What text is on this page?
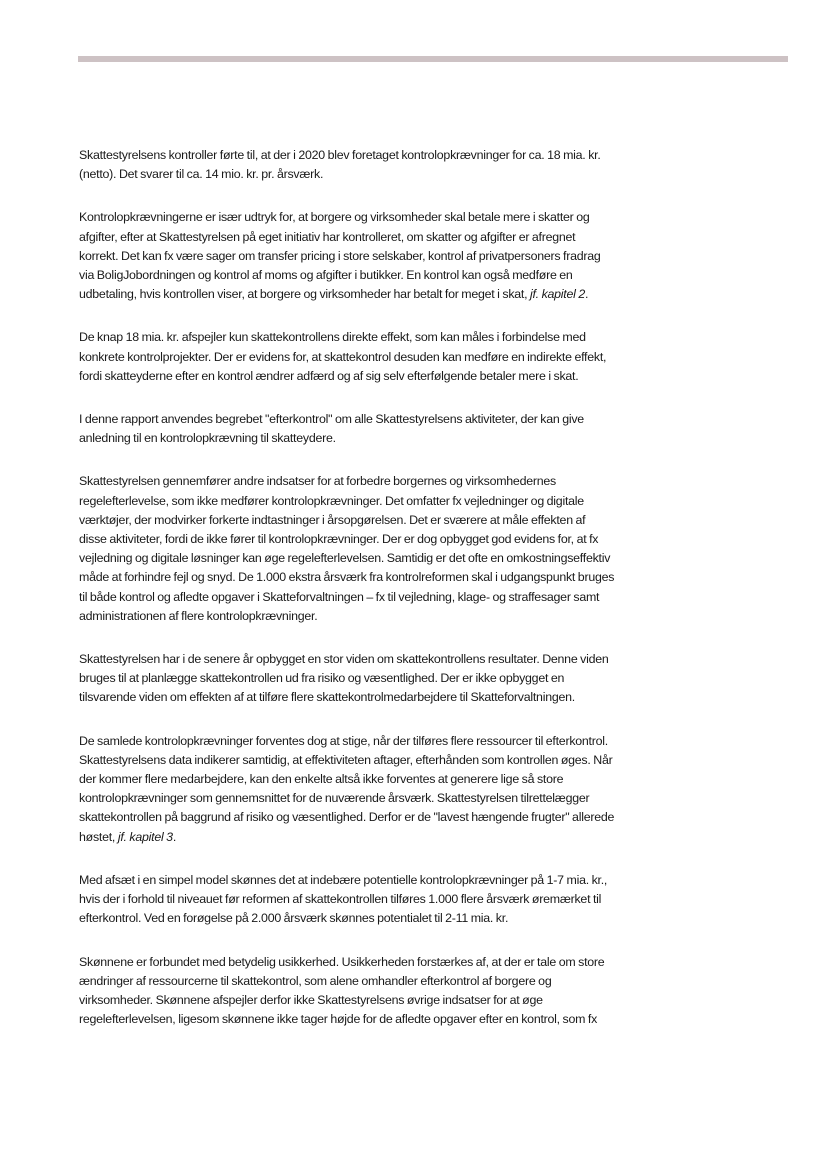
Skattestyrelsens kontroller førte til, at der i 2020 blev foretaget kontrolopkrævninger for ca. 18 mia. kr. (netto). Det svarer til ca. 14 mio. kr. pr. årsværk.

Kontrolopkrævningerne er især udtryk for, at borgere og virksomheder skal betale mere i skatter og afgifter, efter at Skattestyrelsen på eget initiativ har kontrolleret, om skatter og afgifter er afregnet korrekt. Det kan fx være sager om transfer pricing i store selskaber, kontrol af privatpersoners fradrag via BoligJobordningen og kontrol af moms og afgifter i butikker. En kontrol kan også medføre en udbetaling, hvis kontrollen viser, at borgere og virksomheder har betalt for meget i skat, jf. kapitel 2.

De knap 18 mia. kr. afspejler kun skattekontrollens direkte effekt, som kan måles i forbindelse med konkrete kontrolprojekter. Der er evidens for, at skattekontrol desuden kan medføre en indirekte effekt, fordi skatteyderne efter en kontrol ændrer adfærd og af sig selv efterfølgende betaler mere i skat.

I denne rapport anvendes begrebet "efterkontrol" om alle Skattestyrelsens aktiviteter, der kan give anledning til en kontrolopkrævning til skatteydere.

Skattestyrelsen gennemfører andre indsatser for at forbedre borgernes og virksomhedernes regelefterlevelse, som ikke medfører kontrolopkrævninger. Det omfatter fx vejledninger og digitale værktøjer, der modvirker forkerte indtastninger i årsopgørelsen. Det er sværere at måle effekten af disse aktiviteter, fordi de ikke fører til kontrolopkrævninger. Der er dog opbygget god evidens for, at fx vejledning og digitale løsninger kan øge regelefterlevelsen. Samtidig er det ofte en omkostningseffektiv måde at forhindre fejl og snyd. De 1.000 ekstra årsværk fra kontrolreformen skal i udgangspunkt bruges til både kontrol og afledte opgaver i Skatteforvaltningen – fx til vejledning, klage- og straffesager samt administrationen af flere kontrolopkrævninger.

Skattestyrelsen har i de senere år opbygget en stor viden om skattekontrollens resultater. Denne viden bruges til at planlægge skattekontrollen ud fra risiko og væsentlighed. Der er ikke opbygget en tilsvarende viden om effekten af at tilføre flere skattekontrolmedarbejdere til Skatteforvaltningen.

De samlede kontrolopkrævninger forventes dog at stige, når der tilføres flere ressourcer til efterkontrol. Skattestyrelsens data indikerer samtidig, at effektiviteten aftager, efterhånden som kontrollen øges. Når der kommer flere medarbejdere, kan den enkelte altså ikke forventes at generere lige så store kontrolopkrævninger som gennemsnittet for de nuværende årsværk. Skattestyrelsen tilrettelægger skattekontrollen på baggrund af risiko og væsentlighed. Derfor er de "lavest hængende frugter" allerede høstet, jf. kapitel 3.

Med afsæt i en simpel model skønnes det at indebære potentielle kontrolopkrævninger på 1-7 mia. kr., hvis der i forhold til niveauet før reformen af skattekontrollen tilføres 1.000 flere årsværk øremærket til efterkontrol. Ved en forøgelse på 2.000 årsværk skønnes potentialet til 2-11 mia. kr.

Skønnene er forbundet med betydelig usikkerhed. Usikkerheden forstærkes af, at der er tale om store ændringer af ressourcerne til skattekontrol, som alene omhandler efterkontrol af borgere og virksomheder. Skønnene afspejler derfor ikke Skattestyrelsens øvrige indsatser for at øge regelefterlevelsen, ligesom skønnene ikke tager højde for de afledte opgaver efter en kontrol, som fx
